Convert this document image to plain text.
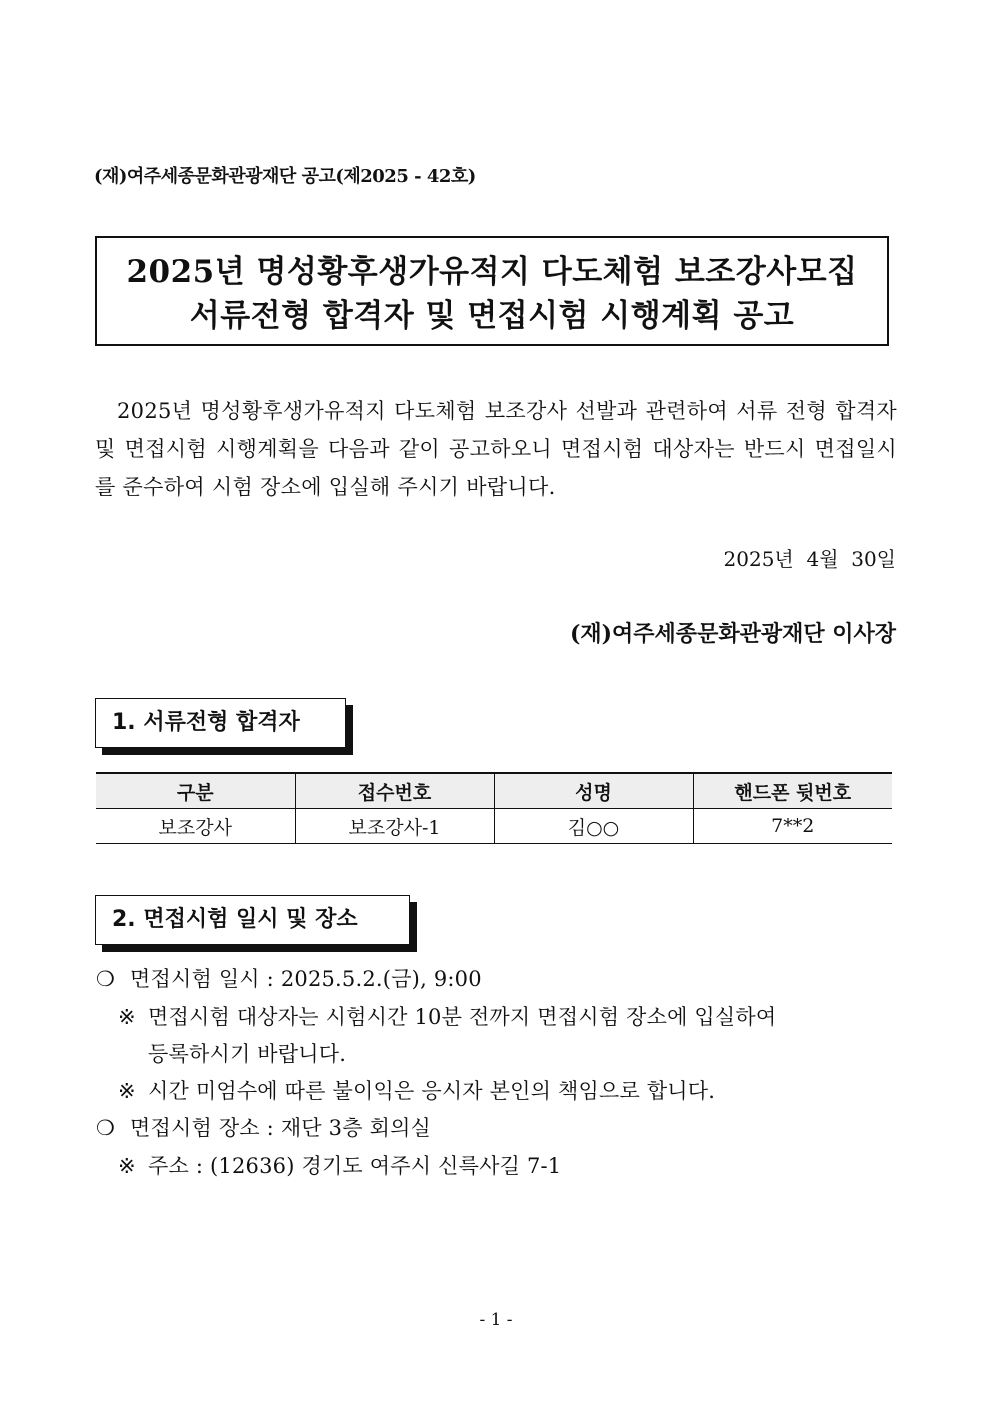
(재)여주세종문화관광재단 공고(제2025 - 42호)
2025년 명성황후생가유적지 다도체험 보조강사모집
서류전형 합격자 및 면접시험 시행계획 공고
2025년 명성황후생가유적지 다도체험 보조강사 선발과 관련하여 서류 전형 합격자 및 면접시험 시행계획을 다음과 같이 공고하오니 면접시험 대상자는 반드시 면접일시를 준수하여 시험 장소에 입실해 주시기 바랍니다.
2025년  4월  30일
(재)여주세종문화관광재단 이사장
1. 서류전형 합격자
구분	접수번호	성명	핸드폰 뒷번호
보조강사	보조강사-1	김○○	7**2
2. 면접시험 일시 및 장소
❍ 면접시험 일시 : 2025.5.2.(금), 9:00
※ 면접시험 대상자는 시험시간 10분 전까지 면접시험 장소에 입실하여
등록하시기 바랍니다.
※ 시간 미엄수에 따른 불이익은 응시자 본인의 책임으로 합니다.
❍ 면접시험 장소 : 재단 3층 회의실
※ 주소 : (12636) 경기도 여주시 신륵사길 7-1
- 1 -
